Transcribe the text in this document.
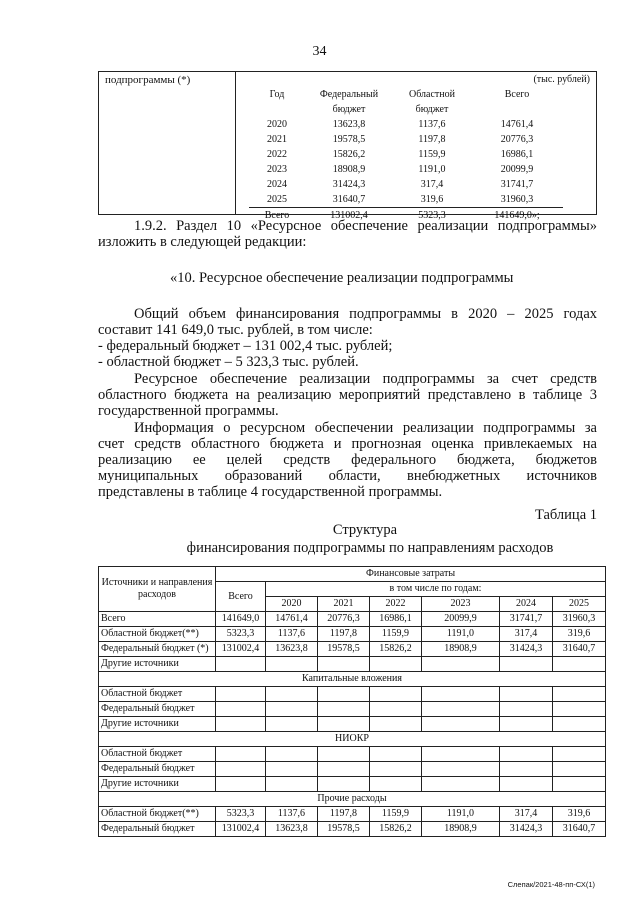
34
подпрограммы (*)	(тыс. рублей)
Год	Федеральный	Областной	Всего
	бюджет	бюджет	
2020	13623,8	1137,6	14761,4
2021	19578,5	1197,8	20776,3
2022	15826,2	1159,9	16986,1
2023	18908,9	1191,0	20099,9
2024	31424,3	317,4	31741,7
2025	31640,7	319,6	31960,3
Всего	131002,4	5323,3	141649,0»;
1.9.2. Раздел 10 «Ресурсное обеспечение реализации подпрограммы»
изложить в следующей редакции:
«10. Ресурсное обеспечение реализации подпрограммы
Общий объем финансирования подпрограммы в 2020 – 2025 годах
составит 141 649,0 тыс. рублей, в том числе:
- федеральный бюджет – 131 002,4 тыс. рублей;
- областной бюджет – 5 323,3 тыс. рублей.
Ресурсное обеспечение реализации подпрограммы за счет средств
областного бюджета на реализацию мероприятий представлено в таблице 3
государственной программы.
Информация о ресурсном обеспечении реализации подпрограммы за
счет средств областного бюджета и прогнозная оценка привлекаемых на
реализацию ее целей средств федерального бюджета, бюджетов
муниципальных образований области, внебюджетных источников
представлены в таблице 4 государственной программы.
Таблица 1
Структура
финансирования подпрограммы по направлениям расходов
Источники и направления расходов	Финансовые затраты						
	Всего	в том числе по годам:					
		2020	2021	2022	2023	2024	2025
Всего	141649,0	14761,4	20776,3	16986,1	20099,9	31741,7	31960,3
Областной бюджет(**)	5323,3	1137,6	1197,8	1159,9	1191,0	317,4	319,6
Федеральный бюджет (*)	131002,4	13623,8	19578,5	15826,2	18908,9	31424,3	31640,7
Другие источники							
Капитальные вложения							
Областной бюджет							
Федеральный бюджет							
Другие источники							
НИОКР							
Областной бюджет							
Федеральный бюджет							
Другие источники							
Прочие расходы							
Областной бюджет(**)	5323,3	1137,6	1197,8	1159,9	1191,0	317,4	319,6
Федеральный бюджет	131002,4	13623,8	19578,5	15826,2	18908,9	31424,3	31640,7
Слепак/2021-48-пп-СХ(1)
